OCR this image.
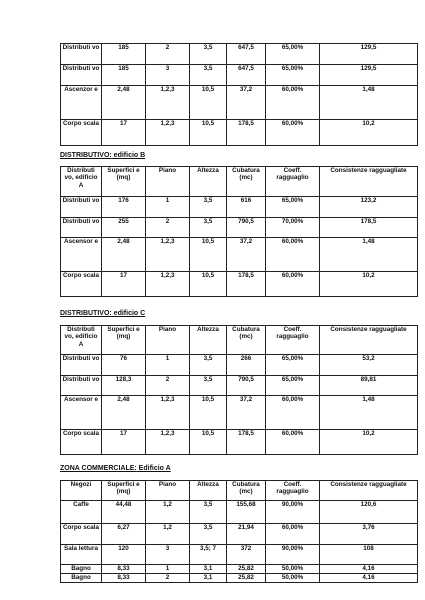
Distributi vo	185	2	3,5	647,5	65,00%	129,5
Distributi vo	185	3	3,5	647,5	65,00%	129,5
Ascenzor e	2,48	1,2,3	10,5	37,2	60,00%	1,48
Corpo scala	17	1,2,3	10,5	178,5	60,00%	10,2
DISTRIBUTIVO: edificio B
Distributi vo, edificio A	Superfici e (mq)	Piano	Altezza	Cubatura (mc)	Coeff. ragguaglio	Consistenze ragguagliate
Distributi vo	176	1	3,5	616	65,00%	123,2
Distributi vo	255	2	3,5	790,5	70,00%	178,5
Ascensor e	2,48	1,2,3	10,5	37,2	60,00%	1,48
Corpo scala	17	1,2,3	10,5	178,5	60,00%	10,2
DISTRIBUTIVO: edificio C
Distributi vo, edificio A	Superfici e (mq)	Piano	Altezza	Cubatura (mc)	Coeff. ragguaglio	Consistenze ragguagliate
Distributi vo	76	1	3,5	266	65,00%	53,2
Distributi vo	128,3	2	3,5	790,5	65,00%	89,81
Ascensor e	2,48	1,2,3	10,5	37,2	60,00%	1,48
Corpo scala	17	1,2,3	10,5	178,5	60,00%	10,2
ZONA COMMERCIALE: Edificio A
Negozi	Superfici e (mq)	Piano	Altezza	Cubatura (mc)	Coeff. ragguaglio	Consistenze ragguagliate
Caffe	44,48	1,2	3,5	155,68	90,00%	120,6
Corpo scala	6,27	1,2	3,5	21,94	60,00%	3,76
Sala lettura	120	3	3,5; 7	372	90,00%	108
Bagno	8,33	1	3,1	25,82	50,00%	4,16
Bagno	8,33	2	3,1	25,82	50,00%	4,16
